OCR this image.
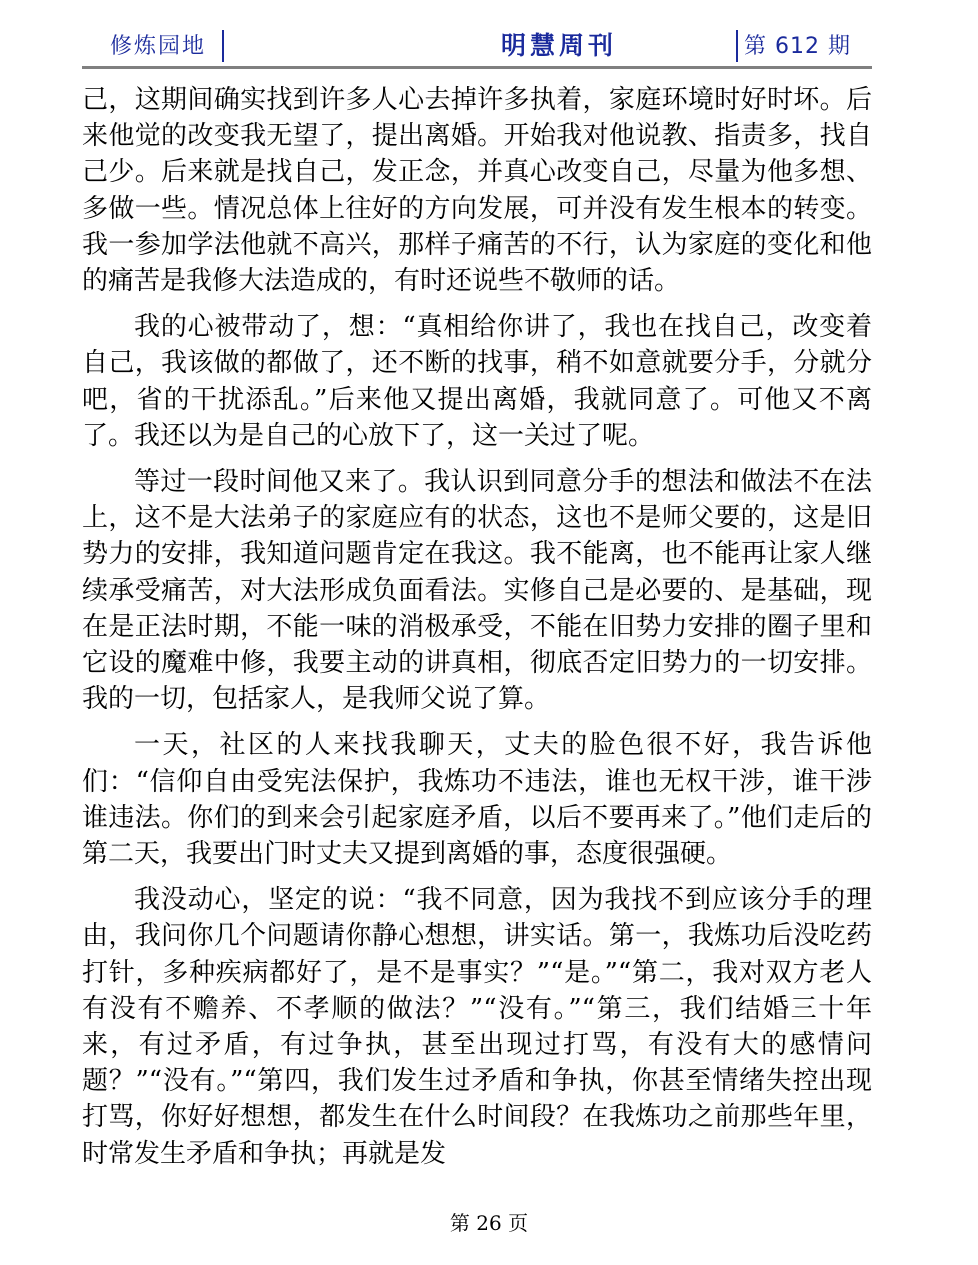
修炼园地	明慧周刊	第 612 期

己，这期间确实找到许多人心去掉许多执着，家庭环境时好时坏。后来他觉的改变我无望了，提出离婚。开始我对他说教、指责多，找自己少。后来就是找自己，发正念，并真心改变自己，尽量为他多想、多做一些。情况总体上往好的方向发展，可并没有发生根本的转变。我一参加学法他就不高兴，那样子痛苦的不行，认为家庭的变化和他的痛苦是我修大法造成的，有时还说些不敬师的话。

我的心被带动了，想：“真相给你讲了，我也在找自己，改变着自己，我该做的都做了，还不断的找事，稍不如意就要分手，分就分吧，省的干扰添乱。”后来他又提出离婚，我就同意了。可他又不离了。我还以为是自己的心放下了，这一关过了呢。

等过一段时间他又来了。我认识到同意分手的想法和做法不在法上，这不是大法弟子的家庭应有的状态，这也不是师父要的，这是旧势力的安排，我知道问题肯定在我这。我不能离，也不能再让家人继续承受痛苦，对大法形成负面看法。实修自己是必要的、是基础，现在是正法时期，不能一味的消极承受，不能在旧势力安排的圈子里和它设的魔难中修，我要主动的讲真相，彻底否定旧势力的一切安排。我的一切，包括家人，是我师父说了算。

一天，社区的人来找我聊天，丈夫的脸色很不好，我告诉他们：“信仰自由受宪法保护，我炼功不违法，谁也无权干涉，谁干涉谁违法。你们的到来会引起家庭矛盾，以后不要再来了。”他们走后的第二天，我要出门时丈夫又提到离婚的事，态度很强硬。

我没动心，坚定的说：“我不同意，因为我找不到应该分手的理由，我问你几个问题请你静心想想，讲实话。第一，我炼功后没吃药打针，多种疾病都好了，是不是事实？”“是。”“第二，我对双方老人有没有不赡养、不孝顺的做法？”“没有。”“第三，我们结婚三十年来，有过矛盾，有过争执，甚至出现过打骂，有没有大的感情问题？”“没有。”“第四，我们发生过矛盾和争执，你甚至情绪失控出现打骂，你好好想想，都发生在什么时间段？在我炼功之前那些年里，时常发生矛盾和争执；再就是发

第 26 页
